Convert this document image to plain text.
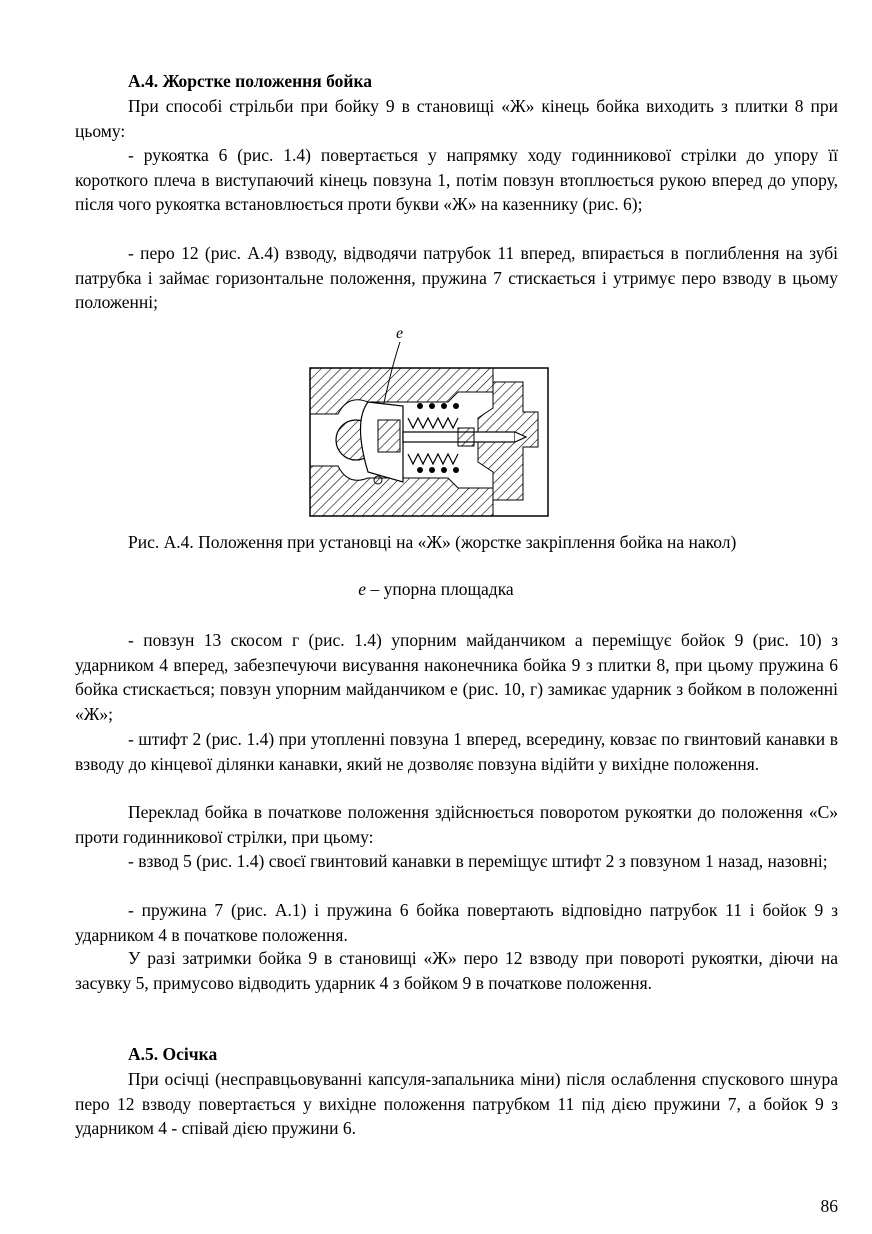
А.4. Жорстке положення бойка

При способі стрільби при бойку 9 в становищі «Ж» кінець бойка виходить з плитки 8 при цьому:

- рукоятка 6 (рис. 1.4) повертається у напрямку ходу годинникової стрілки до упору її короткого плеча в виступаючий кінець повзуна 1, потім повзун втоплюється рукою вперед до упору, після чого рукоятка встановлюється проти букви «Ж» на казеннику (рис. 6);

- перо 12 (рис. А.4) взводу, відводячи патрубок 11 вперед, впирається в поглиблення на зубі патрубка і займає горизонтальне положення, пружина 7 стискається і утримує перо взводу в цьому положенні;

е

Рис. А.4. Положення при установці на «Ж» (жорстке закріплення бойка на накол)

е – упорна площадка

- повзун 13 скосом г (рис. 1.4) упорним майданчиком а переміщує бойок 9 (рис. 10) з ударником 4 вперед, забезпечуючи висування наконечника бойка 9 з плитки 8, при цьому пружина 6 бойка стискається; повзун упорним майданчиком е (рис. 10, г) замикає ударник з бойком в положенні «Ж»;

- штифт 2 (рис. 1.4) при утопленні повзуна 1 вперед, всередину, ковзає по гвинтовий канавки в взводу до кінцевої ділянки канавки, який не дозволяє повзуна відійти у вихідне положення.

Переклад бойка в початкове положення здійснюється поворотом рукоятки до положення «С» проти годинникової стрілки, при цьому:

- взвод 5 (рис. 1.4) своєї гвинтовий канавки в переміщує штифт 2 з повзуном 1 назад, назовні;

- пружина 7 (рис. А.1) і пружина 6 бойка повертають відповідно патрубок 11 і бойок 9 з ударником 4 в початкове положення.

У разі затримки бойка 9 в становищі «Ж» перо 12 взводу при повороті рукоятки, діючи на засувку 5, примусово відводить ударник 4 з бойком 9 в початкове положення.

А.5. Осічка

При осічці (несправцьовуванні капсуля-запальника міни) після ослаблення спускового шнура перо 12 взводу повертається у вихідне положення патрубком 11 під дією пружини 7, а бойок 9 з ударником 4 - співай дією пружини 6.

86
